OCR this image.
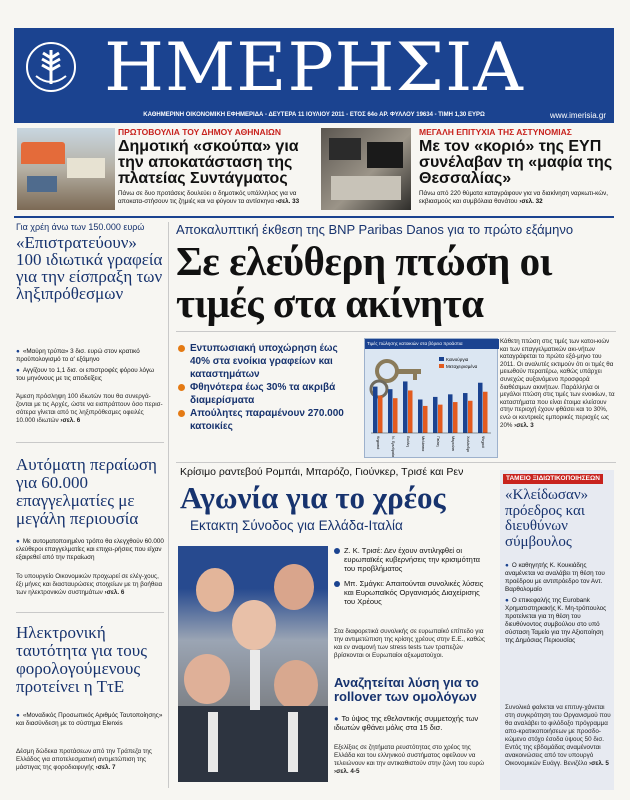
ΗΜΕΡΗΣΙΑ
ΚΑΘΗΜΕΡΙΝΗ ΟΙΚΟΝΟΜΙΚΗ ΕΦΗΜΕΡΙΔΑ - ΔΕΥΤΕΡΑ 11 ΙΟΥΛΙΟΥ 2011 - ΕΤΟΣ 64ο ΑΡ. ΦΥΛΛΟΥ 19634 - ΤΙΜΗ 1,30 ΕΥΡΩ	www.imerisia.gr
ΠΡΩΤΟΒΟΥΛΙΑ ΤΟΥ ΔΗΜΟΥ ΑΘΗΝΑΙΩΝ
Δημοτική «σκούπα» για την αποκατάσταση της πλατείας Συντάγματος
Πάνω σε δυο προτάσεις δουλεύει ο δημοτικός υπάλληλος για να αποκατα-στήσουν τις ζημιές και να φύγουν τα αντίσκηνα ›σελ. 33
ΜΕΓΑΛΗ ΕΠΙΤΥΧΙΑ ΤΗΣ ΑΣΤΥΝΟΜΙΑΣ
Με τον «κοριό» της ΕΥΠ συνέλαβαν τη «μαφία της Θεσσαλίας»
Πάνω από 220 θύματα καταγράφουν για να διακίνηση ναρκωτι-κών, εκβιασμούς και συμβόλαια θανάτου ›σελ. 32
Για χρέη άνω των 150.000 ευρώ
«Επιστρατεύουν» 100 ιδιωτικά γραφεία για την είσπραξη των ληξιπρόθεσμων
● «Μαύρη τρύπα» 3 δισ. ευρώ στον κρατικό προϋπολογισμό το α' εξάμηνο
● Αγγίζουν το 1,1 δισ. οι επιστροφές φόρου λόγω του μηνόνους με τις αποδείξεις
Άμεση πρόσληψη 100 ιδιωτών που θα συνεργά-ζονται με τις Αρχές, ώστε να εισπράττουν όσο περισ-σότερα γίνεται από τις ληξιπρόθεσμες οφειλές 10.000 ιδιωτών ›σελ. 6
Αυτόματη περαίωση για 60.000 επαγγελματίες με μεγάλη περιουσία
● Με αυτοματοποιημένο τρόπο θα ελεγχθούν 60.000 ελεύθεροι επαγγελματίες και επιχει-ρήσεις που είχαν εξαιρεθεί από την περαίωση
Το υπουργείο Οικονομικών προχωρεί σε ελέγ-χους, έξι μήνες και διασταυρώσεις στοιχείων με τη βοήθεια των ηλεκτρονικών συστημάτων ›σελ. 6
Ηλεκτρονική ταυτότητα για τους φορολογούμενους προτείνει η ΤτΕ
● «Μοναδικός Προσωπικός Αριθμός Ταυτοποίησης» και διασύνδεση με το σύστημα Elenxis
Δέσμη δώδεκα προτάσεων από την Τράπεζα της Ελλάδος για αποτελεσματική αντιμετώπιση της μάστιγας της φοροδιαφυγής ›σελ. 7
Αποκαλυπτική έκθεση της BNP Paribas Danos για το πρώτο εξάμηνο
Σε ελεύθερη πτώση οι τιμές στα ακίνητα
Εντυπωσιακή υποχώρηση έως 40% στα ενοίκια γραφείων και καταστημάτων
Φθηνότερα έως 30% τα ακριβά διαμερίσματα
Απούλητες παραμένουν 270.000 κατοικίες
Τιμές πώλησης κατοικιών στα βόρεια προάστια
Καινούργια
Μεταχειρισμένα
Κηφισιά	Ν. Ερυθραία	Εκάλη	Μελίσσια	Πεύκη	Μαρούσι	Χαλάνδρι	Ψυχικό
Κάθετη πτώση στις τιμές των κατοι-κιών και των επαγγελματικών ακι-νήτων καταγράφεται το πρώτο εξά-μηνο του 2011. Οι αναλυτές εκτιμούν ότι οι τιμές θα μειωθούν περαιτέρω, καθώς υπάρχει συνεχώς αυξανόμενο προσφορά διαθέσιμων ακινήτων. Παράλληλα οι μεγάλοι πτώση στις τιμές των ενοικίων, τα καταστήματα που είναι έτοιμα κλείσουν στην περιοχή έχουν φθάσει και το 30%, ενώ οι κεντρικές εμπορικές περιοχές ως 20% ›σελ. 3
Κρίσιμο ραντεβού Ρομπάι, Μπαρόζο, Γιούνκερ, Τρισέ και Ρεν
Αγωνία για το χρέος
Εκτακτη Σύνοδος για Ελλάδα-Ιταλία
Ζ. Κ. Τρισέ: Δεν έχουν αντιληφθεί οι ευρωπαϊκές κυβερνήσεις την κρισιμότητα του προβλήματος
Μπ. Σμάγκι: Απαιτούνται συνολικές λύσεις και Ευρωπαϊκός Οργανισμός Διαχείρισης του Χρέους
Στα διαφορετικά συνολικής σε ευρωπαϊκό επίπεδο για την αντιμετώπιση της κρίσης χρέους στην Ε.Ε., καθώς και εν αναμονή των stress tests των τραπεζών βρίσκονται οι Ευρωπαίοι αξιωματούχοι.
Αναζητείται λύση για το rollover των ομολόγων
● Το ύψος της εθελοντικής συμμετοχής των ιδιωτών φθάνει μόλις στα 15 δισ.
Εξελίξεις σε ζητήματα ρευστότητας στο χρέος της Ελλάδα και του ελληνικού συστήματος οφείλουν να τελειώνουν και την αντικαθιστούν στην ζώνη του ευρώ ›σελ. 4-5
ΤΑΜΕΙΟ ΞΙΔΙΩΤΙΚΟΠΟΙΗΣΕΩΝ
«Κλείδωσαν» πρόεδρος και διευθύνων σύμβουλος
● Ο καθηγητής Κ. Κουκιάδης αναμένεται να αναλάβει τη θέση του προέδρου με αντιπρόεδρο τον Αντ. Βαρθολομαίο
● Ο επικεφαλής της Eurobank Χρηματιστηριακής Κ. Μη-τρόπουλος προτείνεται για τη θέση του διευθύνοντος συμβούλου στο υπό σύσταση Ταμείο για την Αξιοποίηση της Δημόσιας Περιουσίας
Συνολικά φαίνεται να επιτυγ-χάνεται στη συγκρότηση του Οργανισμού που θα αναλάβει το φιλόδοξο πρόγραμμα απο-κρατικοποιήσεων με προσδο-κώμενο στόχο έσοδα ύψους 50 δισ. Εντός της εβδομάδας αναμένονται ανακοινώσεις από τον υπουργό Οικονομικών Ευάγγ. Βενιζέλο ›σελ. 5
